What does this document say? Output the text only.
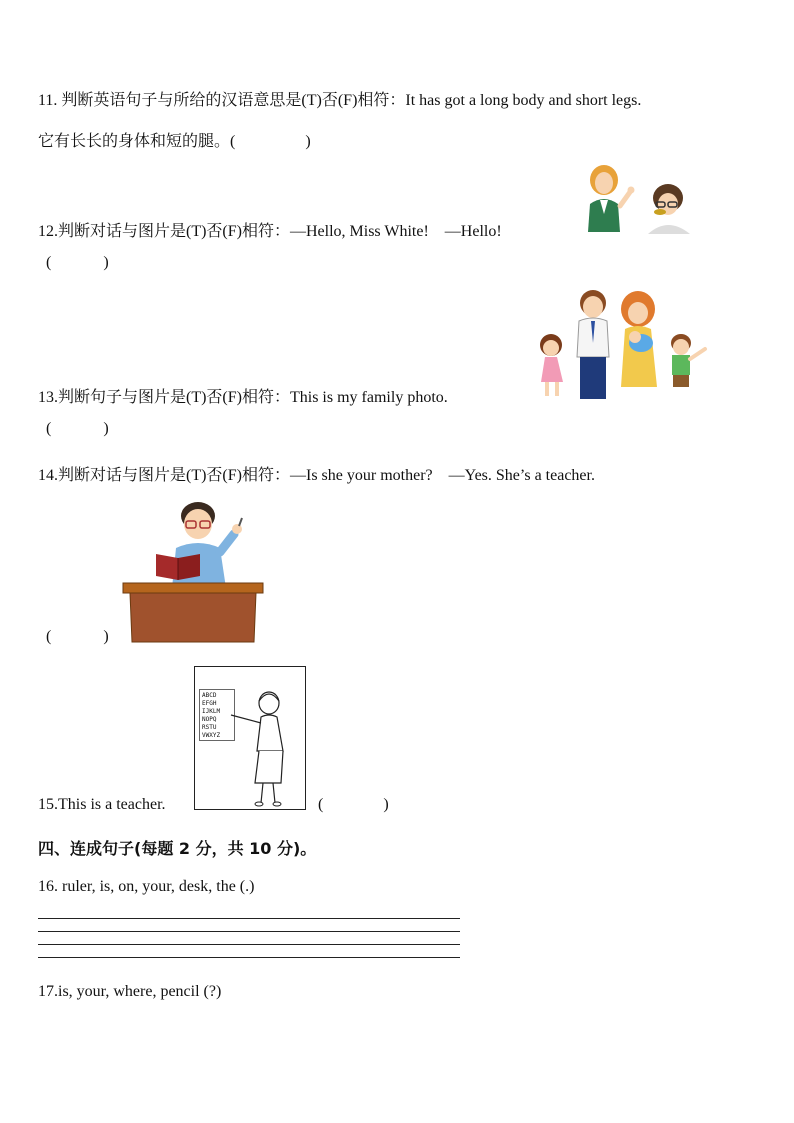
11. 判断英语句子与所给的汉语意思是(T)否(F)相符：It has got a long body and short legs.
它有长长的身体和短的腿。(	)
12.判断对话与图片是(T)否(F)相符：—Hello, Miss White!　—Hello!
(	)
13.判断句子与图片是(T)否(F)相符：This is my family photo.
(	)
14.判断对话与图片是(T)否(F)相符：—Is she your mother?　—Yes. She’s a teacher.
(	)
15.This is a teacher.
ABCD
EFGH
IJKLM
NOPQ
RSTU
VWXYZ
(	)
四、连成句子(每题 2 分，共 10 分)。
16. ruler, is, on, your, desk, the (.)
17.is, your, where, pencil (?)
